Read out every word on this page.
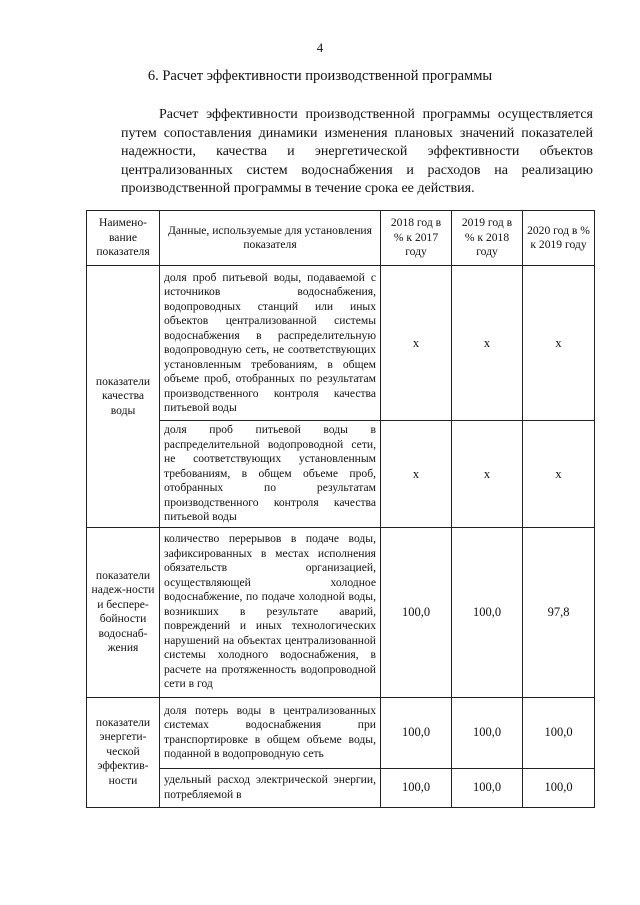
4
6. Расчет эффективности производственной программы

Расчет эффективности производственной программы осуществляется путем сопоставления динамики изменения плановых значений показателей надежности, качества и энергетической эффективности объектов централизованных систем водоснабжения и расходов на реализацию производственной программы в течение срока ее действия.

Наимено-вание показателя	Данные, используемые для установления показателя	2018 год в % к 2017 году	2019 год в % к 2018 году	2020 год в % к 2019 году
показатели качества воды	доля проб питьевой воды, подаваемой с источников водоснабжения, водопроводных станций или иных объектов централизованной системы водоснабжения в распределительную водопроводную сеть, не соответствующих установленным требованиям, в общем объеме проб, отобранных по результатам производственного контроля качества питьевой воды	x	x	x
	доля проб питьевой воды в распределительной водопроводной сети, не соответствующих установленным требованиям, в общем объеме проб, отобранных по результатам производственного контроля качества питьевой воды	x	x	x
показатели надеж-ности и беспере-бойности водоснаб-жения	количество перерывов в подаче воды, зафиксированных в местах исполнения обязательств организацией, осуществляющей холодное водоснабжение, по подаче холодной воды, возникших в результате аварий, повреждений и иных технологических нарушений на объектах централизованной системы холодного водоснабжения, в расчете на протяженность водопроводной сети в год	100,0	100,0	97,8
показатели энергети-ческой эффектив-ности	доля потерь воды в централизованных системах водоснабжения при транспортировке в общем объеме воды, поданной в водопроводную сеть	100,0	100,0	100,0
	удельный расход электрической энергии, потребляемой в	100,0	100,0	100,0
